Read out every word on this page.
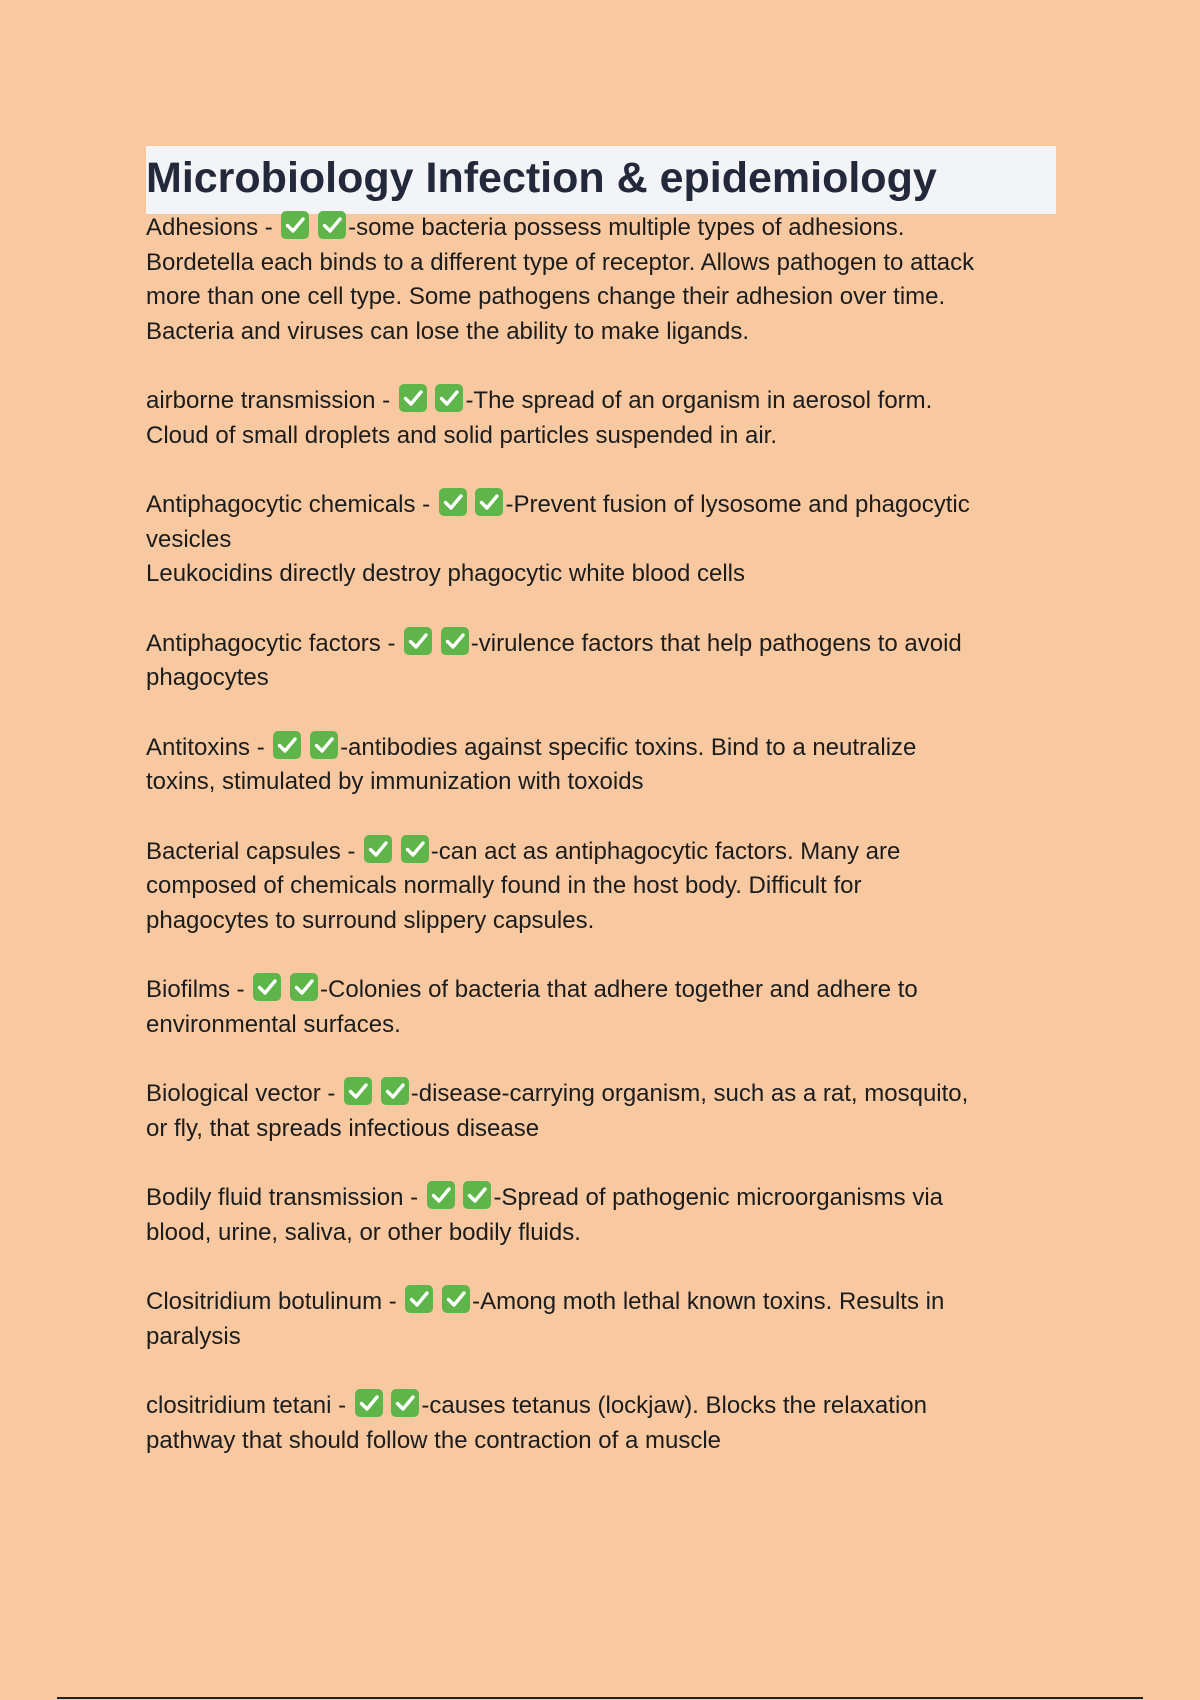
Microbiology Infection & epidemiology

Adhesions -
	-some bacteria possess multiple types of adhesions.
Bordetella each binds to a different type of receptor. Allows pathogen to attack
more than one cell type. Some pathogens change their adhesion over time.
Bacteria and viruses can lose the ability to make ligands.

airborne transmission -
	-The spread of an organism in aerosol form.
Cloud of small droplets and solid particles suspended in air.

Antiphagocytic chemicals -
	-Prevent fusion of lysosome and phagocytic
vesicles
Leukocidins directly destroy phagocytic white blood cells

Antiphagocytic factors -
	-virulence factors that help pathogens to avoid
phagocytes

Antitoxins -
	-antibodies against specific toxins. Bind to a neutralize
toxins, stimulated by immunization with toxoids

Bacterial capsules -
	-can act as antiphagocytic factors. Many are
composed of chemicals normally found in the host body. Difficult for
phagocytes to surround slippery capsules.

Biofilms -
	-Colonies of bacteria that adhere together and adhere to
environmental surfaces.

Biological vector -
	-disease-carrying organism, such as a rat, mosquito,
or fly, that spreads infectious disease

Bodily fluid transmission -
	-Spread of pathogenic microorganisms via
blood, urine, saliva, or other bodily fluids.

Clositridium botulinum -
	-Among moth lethal known toxins. Results in
paralysis

clositridium tetani -
	-causes tetanus (lockjaw). Blocks the relaxation
pathway that should follow the contraction of a muscle
